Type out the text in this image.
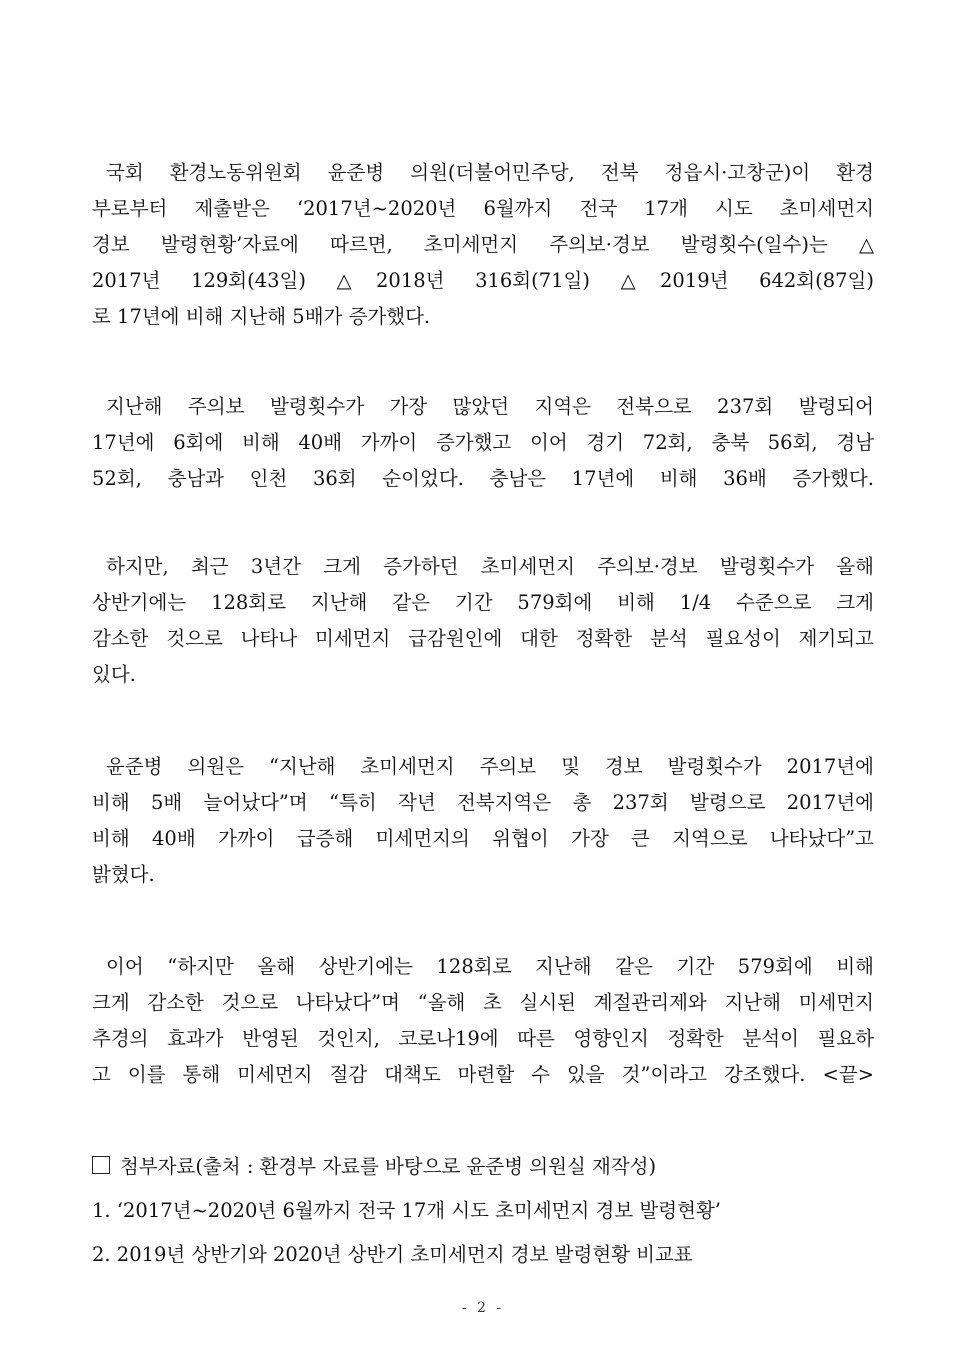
국회 환경노동위원회 윤준병 의원(더불어민주당, 전북 정읍시·고창군)이 환경
부로부터 제출받은 ‘2017년~2020년 6월까지 전국 17개 시도 초미세먼지
경보 발령현황’자료에 따르면, 초미세먼지 주의보·경보 발령횟수(일수)는 △
2017년 129회(43일) △2018년 316회(71일) △2019년 642회(87일)
로 17년에 비해 지난해 5배가 증가했다.

지난해 주의보 발령횟수가 가장 많았던 지역은 전북으로 237회 발령되어
17년에 6회에 비해 40배 가까이 증가했고 이어 경기 72회, 충북 56회, 경남
52회, 충남과 인천 36회 순이었다. 충남은 17년에 비해 36배 증가했다.

하지만, 최근 3년간 크게 증가하던 초미세먼지 주의보·경보 발령횟수가 올해
상반기에는 128회로 지난해 같은 기간 579회에 비해 1/4 수준으로 크게
감소한 것으로 나타나 미세먼지 급감원인에 대한 정확한 분석 필요성이 제기되고
있다.

윤준병 의원은 “지난해 초미세먼지 주의보 및 경보 발령횟수가 2017년에
비해 5배 늘어났다”며 “특히 작년 전북지역은 총 237회 발령으로 2017년에
비해 40배 가까이 급증해 미세먼지의 위협이 가장 큰 지역으로 나타났다”고
밝혔다.

이어 “하지만 올해 상반기에는 128회로 지난해 같은 기간 579회에 비해
크게 감소한 것으로 나타났다”며 “올해 초 실시된 계절관리제와 지난해 미세먼지
추경의 효과가 반영된 것인지, 코로나19에 따른 영향인지 정확한 분석이 필요하
고 이를 통해 미세먼지 절감 대책도 마련할 수 있을 것”이라고 강조했다. <끝>

첨부자료(출처 : 환경부 자료를 바탕으로 윤준병 의원실 재작성)
1. ‘2017년~2020년 6월까지 전국 17개 시도 초미세먼지 경보 발령현황’
2. 2019년 상반기와 2020년 상반기 초미세먼지 경보 발령현황 비교표
- 2 -
